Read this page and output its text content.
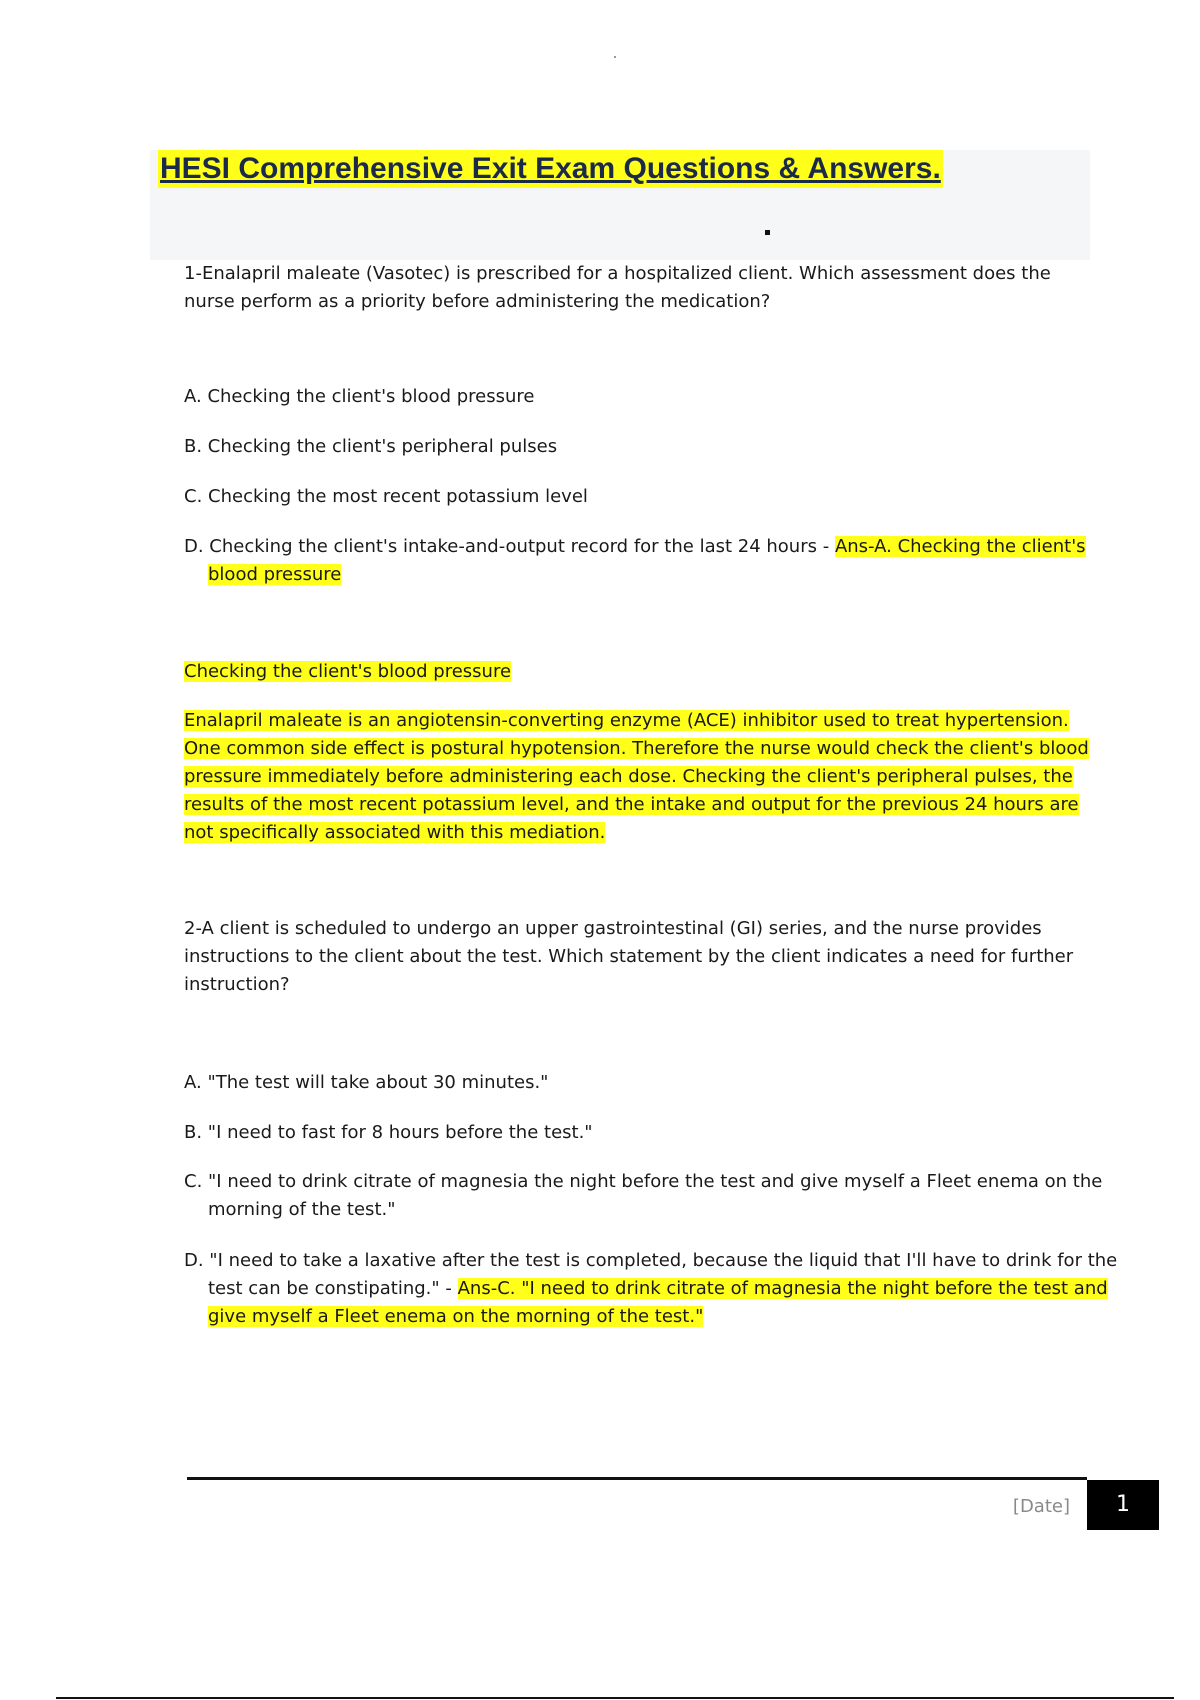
HESI Comprehensive Exit Exam Questions & Answers.

1-Enalapril maleate (Vasotec) is prescribed for a hospitalized client. Which assessment does the nurse perform as a priority before administering the medication?

A. Checking the client's blood pressure

B. Checking the client's peripheral pulses

C. Checking the most recent potassium level

D. Checking the client's intake-and-output record for the last 24 hours - Ans-A. Checking the client's blood pressure

Checking the client's blood pressure

Enalapril maleate is an angiotensin-converting enzyme (ACE) inhibitor used to treat hypertension. One common side effect is postural hypotension. Therefore the nurse would check the client's blood pressure immediately before administering each dose. Checking the client's peripheral pulses, the results of the most recent potassium level, and the intake and output for the previous 24 hours are not specifically associated with this mediation.

2-A client is scheduled to undergo an upper gastrointestinal (GI) series, and the nurse provides instructions to the client about the test. Which statement by the client indicates a need for further instruction?

A. "The test will take about 30 minutes."

B. "I need to fast for 8 hours before the test."

C. "I need to drink citrate of magnesia the night before the test and give myself a Fleet enema on the morning of the test."

D. "I need to take a laxative after the test is completed, because the liquid that I'll have to drink for the test can be constipating." - Ans-C. "I need to drink citrate of magnesia the night before the test and give myself a Fleet enema on the morning of the test."

[Date]	1
